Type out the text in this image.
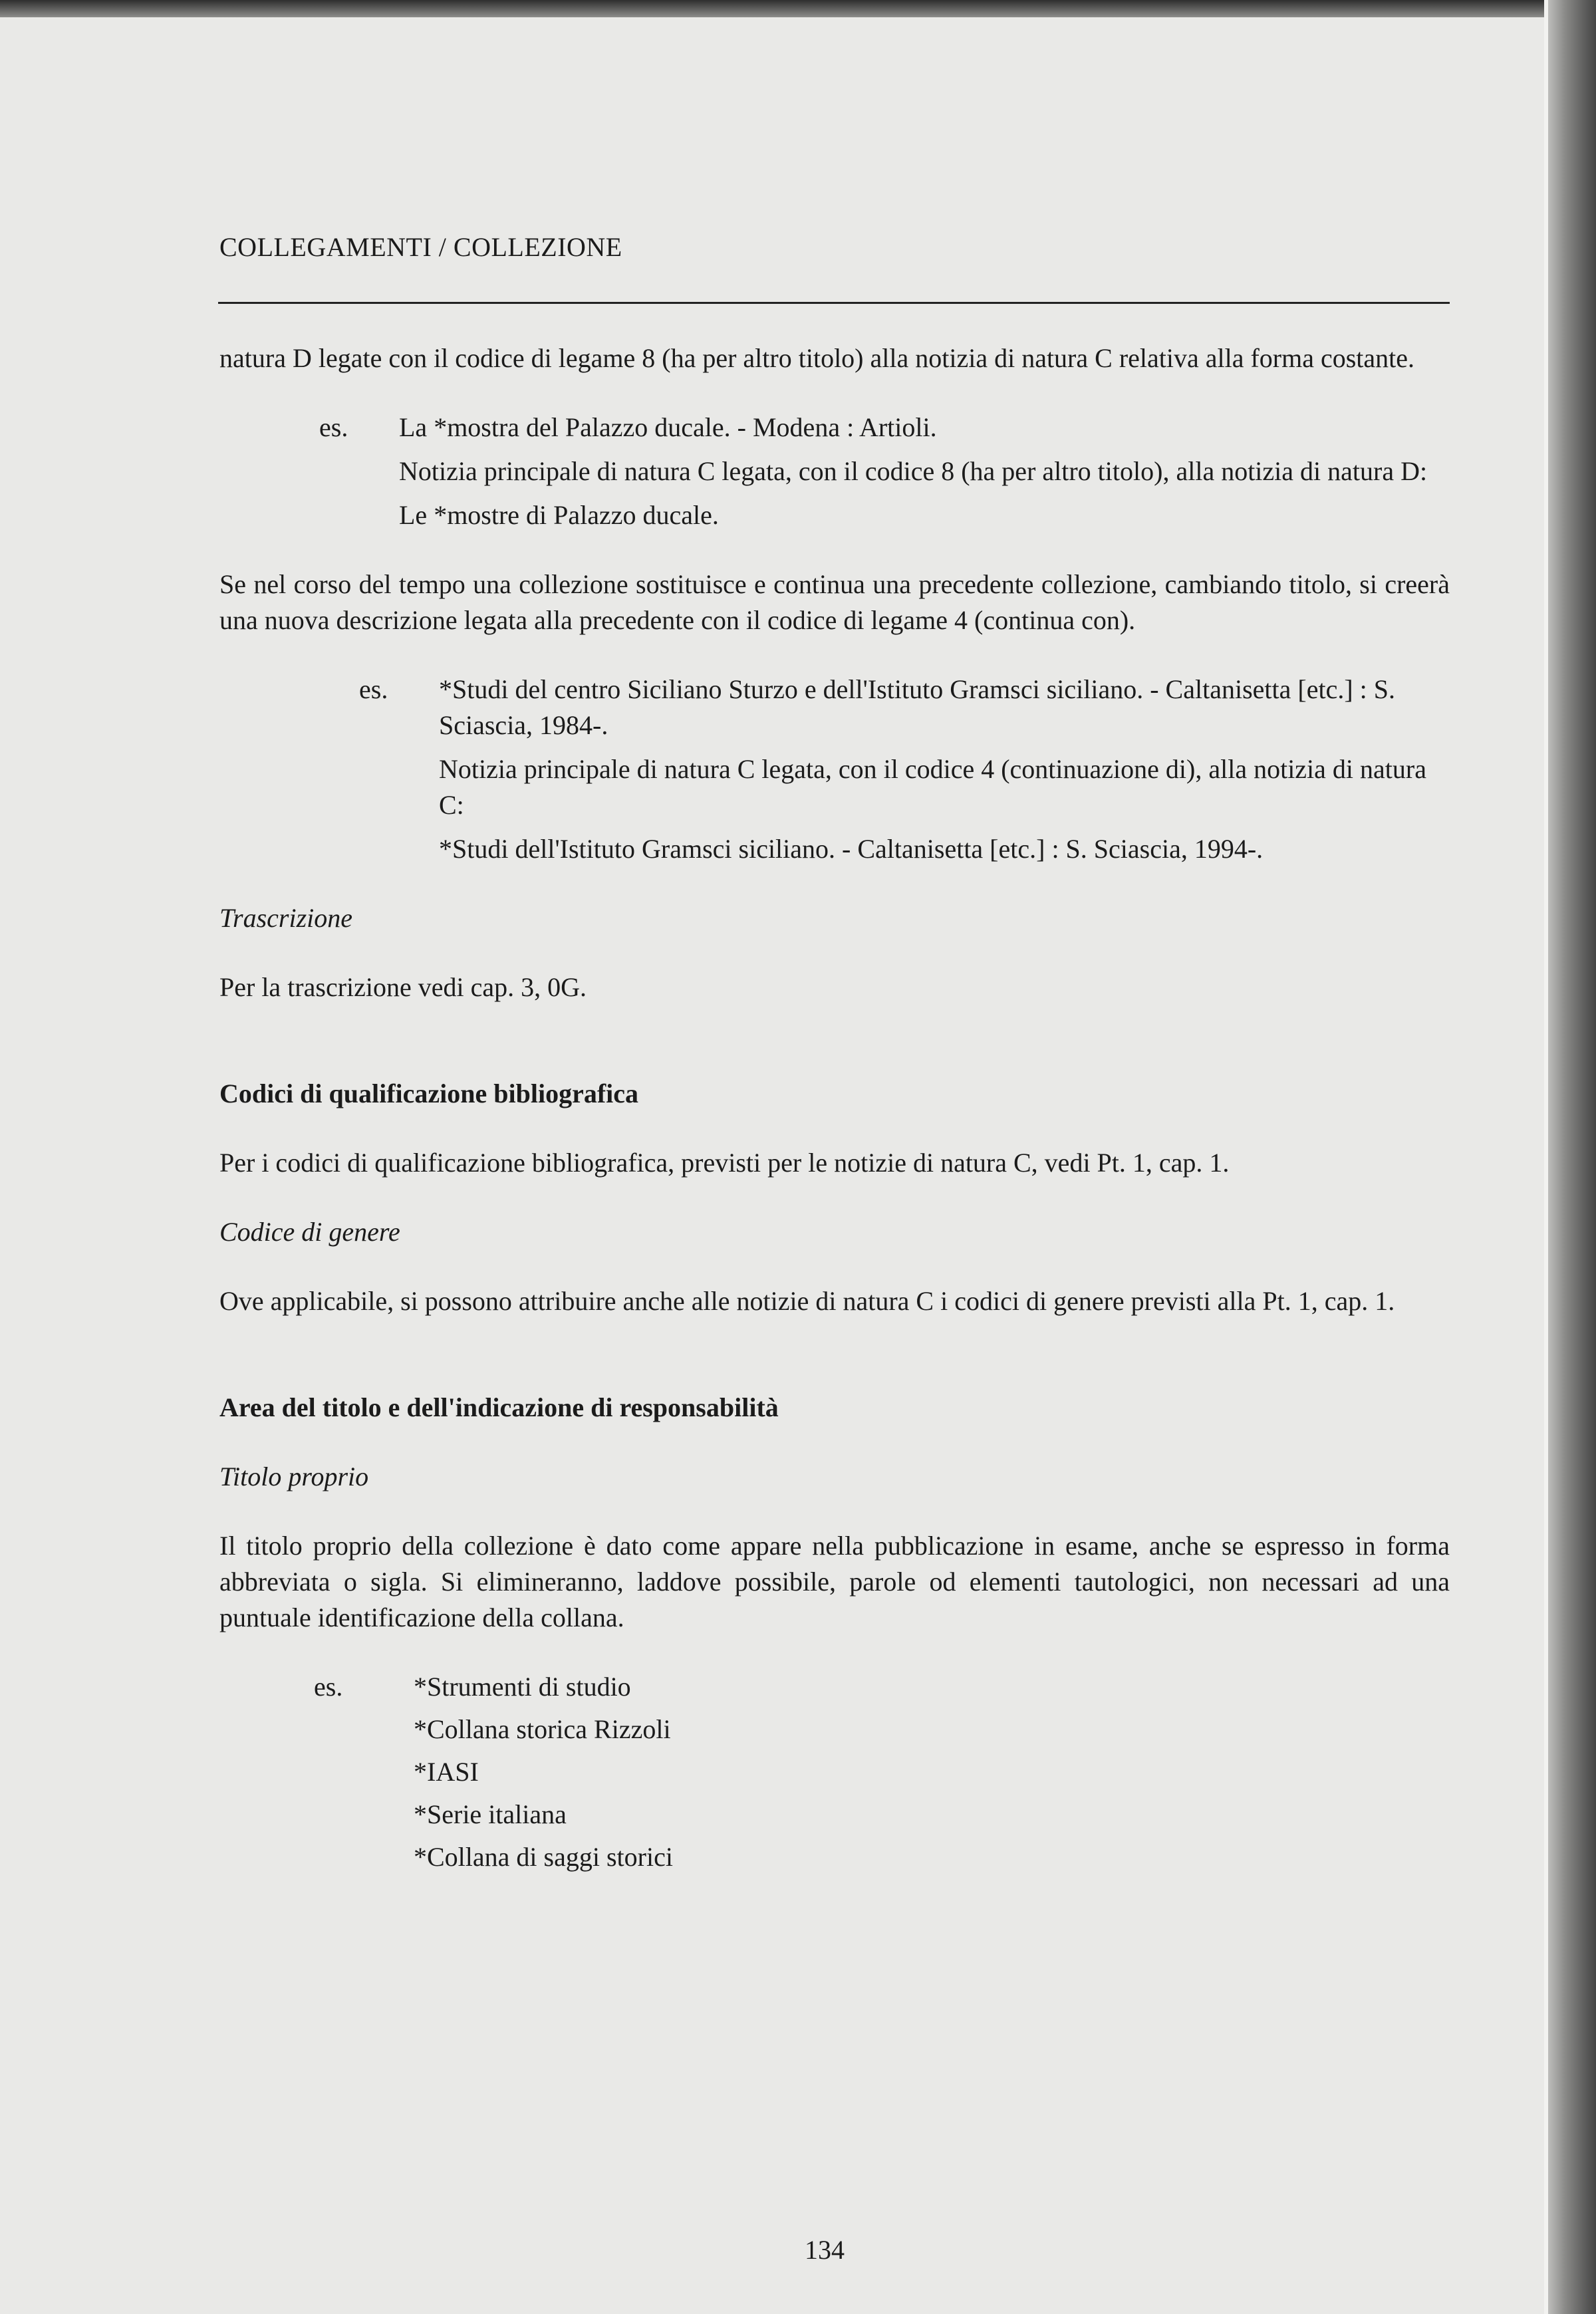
COLLEGAMENTI / COLLEZIONE

natura D legate con il codice di legame 8 (ha per altro titolo) alla notizia di natura C relativa alla forma costante.

es.	La *mostra del Palazzo ducale. - Modena : Artioli.

Notizia principale di natura C legata, con il codice 8 (ha per altro titolo), alla notizia di natura D:

Le *mostre di Palazzo ducale.

Se nel corso del tempo una collezione sostituisce e continua una precedente collezione, cambiando titolo, si creerà una nuova descrizione legata alla precedente con il codice di legame 4 (continua con).

es.	*Studi del centro Siciliano Sturzo e dell'Istituto Gramsci siciliano. - Caltanisetta [etc.] : S. Sciascia, 1984-.

Notizia principale di natura C legata, con il codice 4 (continuazione di), alla notizia di natura C:

*Studi dell'Istituto Gramsci siciliano. - Caltanisetta [etc.] : S. Sciascia, 1994-.

Trascrizione

Per la trascrizione vedi cap. 3, 0G.

Codici di qualificazione bibliografica

Per i codici di qualificazione bibliografica, previsti per le notizie di natura C, vedi Pt. 1, cap. 1.

Codice di genere

Ove applicabile, si possono attribuire anche alle notizie di natura C i codici di genere previsti alla Pt. 1, cap. 1.

Area del titolo e dell'indicazione di responsabilità

Titolo proprio

Il titolo proprio della collezione è dato come appare nella pubblicazione in esame, anche se espresso in forma abbreviata o sigla. Si elimineranno, laddove possibile, parole od elementi tautologici, non necessari ad una puntuale identificazione della collana.

es.	*Strumenti di studio

*Collana storica Rizzoli

*IASI

*Serie italiana

*Collana di saggi storici

134
